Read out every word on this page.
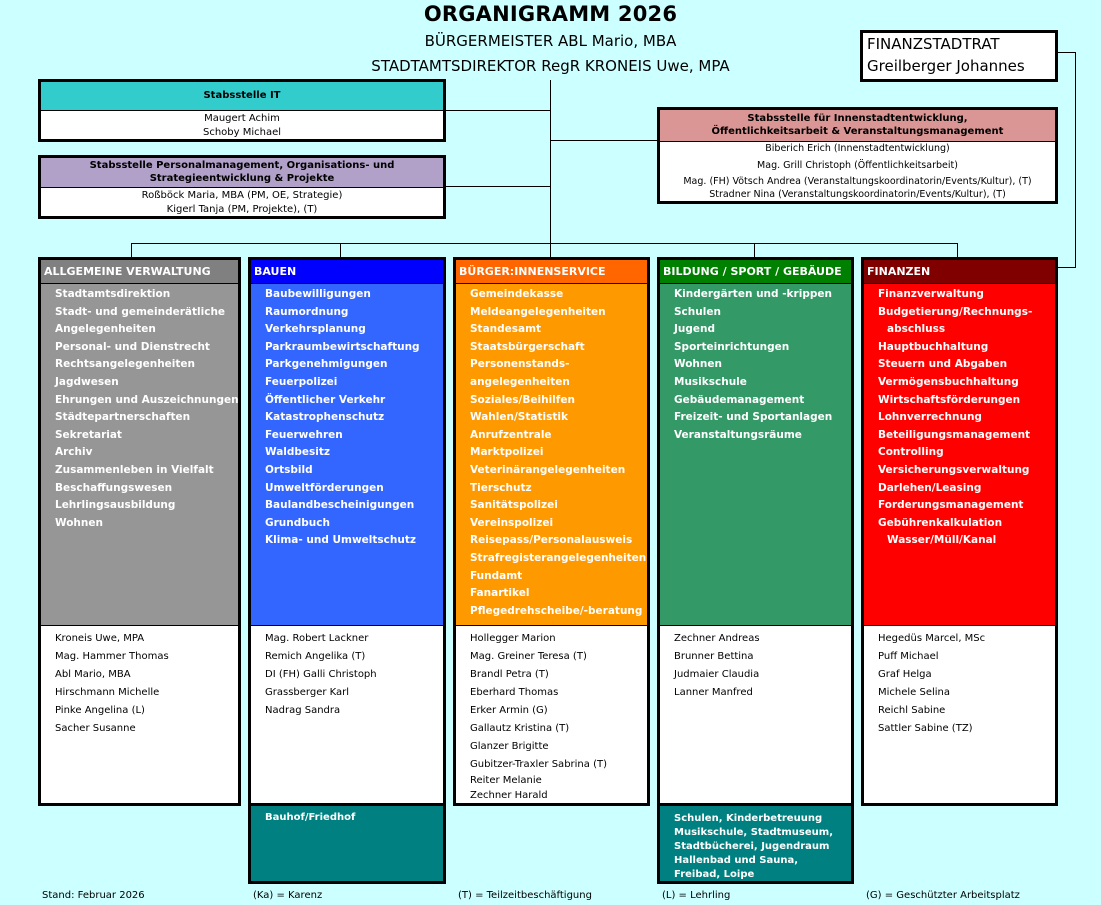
ORGANIGRAMM 2026
BÜRGERMEISTER ABL Mario, MBA
STADTAMTSDIREKTOR RegR KRONEIS Uwe, MPA
FINANZSTADTRAT
Greilberger Johannes
Stabsstelle IT
Maugert Achim
Schoby Michael
Stabsstelle Personalmanagement, Organisations- und
Strategieentwicklung & Projekte
Roßböck Maria, MBA (PM, OE, Strategie)
Kigerl Tanja (PM, Projekte), (T)
Stabsstelle für Innenstadtentwicklung,
Öffentlichkeitsarbeit & Veranstaltungsmanagement
Biberich Erich (Innenstadtentwicklung)
Mag. Grill Christoph (Öffentlichkeitsarbeit)
Mag. (FH) Vötsch Andrea (Veranstaltungskoordinatorin/Events/Kultur), (T)
Stradner Nina (Veranstaltungskoordinatorin/Events/Kultur), (T)
ALLGEMEINE VERWALTUNG
Stadtamtsdirektion
Stadt- und gemeinderätliche
Angelegenheiten
Personal- und Dienstrecht
Rechtsangelegenheiten
Jagdwesen
Ehrungen und Auszeichnungen
Städtepartnerschaften
Sekretariat
Archiv
Zusammenleben in Vielfalt
Beschaffungswesen
Lehrlingsausbildung
Wohnen
Kroneis Uwe, MPA
Mag. Hammer Thomas
Abl Mario, MBA
Hirschmann Michelle
Pinke Angelina (L)
Sacher Susanne
BAUEN
Baubewilligungen
Raumordnung
Verkehrsplanung
Parkraumbewirtschaftung
Parkgenehmigungen
Feuerpolizei
Öffentlicher Verkehr
Katastrophenschutz
Feuerwehren
Waldbesitz
Ortsbild
Umweltförderungen
Baulandbescheinigungen
Grundbuch
Klima- und Umweltschutz
Mag. Robert Lackner
Remich Angelika (T)
DI (FH) Galli Christoph
Grassberger Karl
Nadrag Sandra
BÜRGER:INNENSERVICE
Gemeindekasse
Meldeangelegenheiten
Standesamt
Staatsbürgerschaft
Personenstands-
angelegenheiten
Soziales/Beihilfen
Wahlen/Statistik
Anrufzentrale
Marktpolizei
Veterinärangelegenheiten
Tierschutz
Sanitätspolizei
Vereinspolizei
Reisepass/Personalausweis
Strafregisterangelegenheiten
Fundamt
Fanartikel
Pflegedrehscheibe/-beratung
Hollegger Marion
Mag. Greiner Teresa (T)
Brandl Petra (T)
Eberhard Thomas
Erker Armin (G)
Gallautz Kristina (T)
Glanzer Brigitte
Gubitzer-Traxler Sabrina (T)
Reiter Melanie
Zechner Harald
BILDUNG / SPORT / GEBÄUDE
Kindergärten und -krippen
Schulen
Jugend
Sporteinrichtungen
Wohnen
Musikschule
Gebäudemanagement
Freizeit- und Sportanlagen
Veranstaltungsräume
Zechner Andreas
Brunner Bettina
Judmaier Claudia
Lanner Manfred
FINANZEN
Finanzverwaltung
Budgetierung/Rechnungs-
abschluss
Hauptbuchhaltung
Steuern und Abgaben
Vermögensbuchhaltung
Wirtschaftsförderungen
Lohnverrechnung
Beteiligungsmanagement
Controlling
Versicherungsverwaltung
Darlehen/Leasing
Forderungsmanagement
Gebührenkalkulation
Wasser/Müll/Kanal
Hegedüs Marcel, MSc
Puff Michael
Graf Helga
Michele Selina
Reichl Sabine
Sattler Sabine (TZ)
Bauhof/Friedhof	Schulen, Kinderbetreuung
Musikschule, Stadtmuseum,
Stadtbücherei, Jugendraum
Hallenbad und Sauna,
Freibad, Loipe
Stand: Februar 2026	(Ka) = Karenz	(T) = Teilzeitbeschäftigung	(L) = Lehrling	(G) = Geschützter Arbeitsplatz
